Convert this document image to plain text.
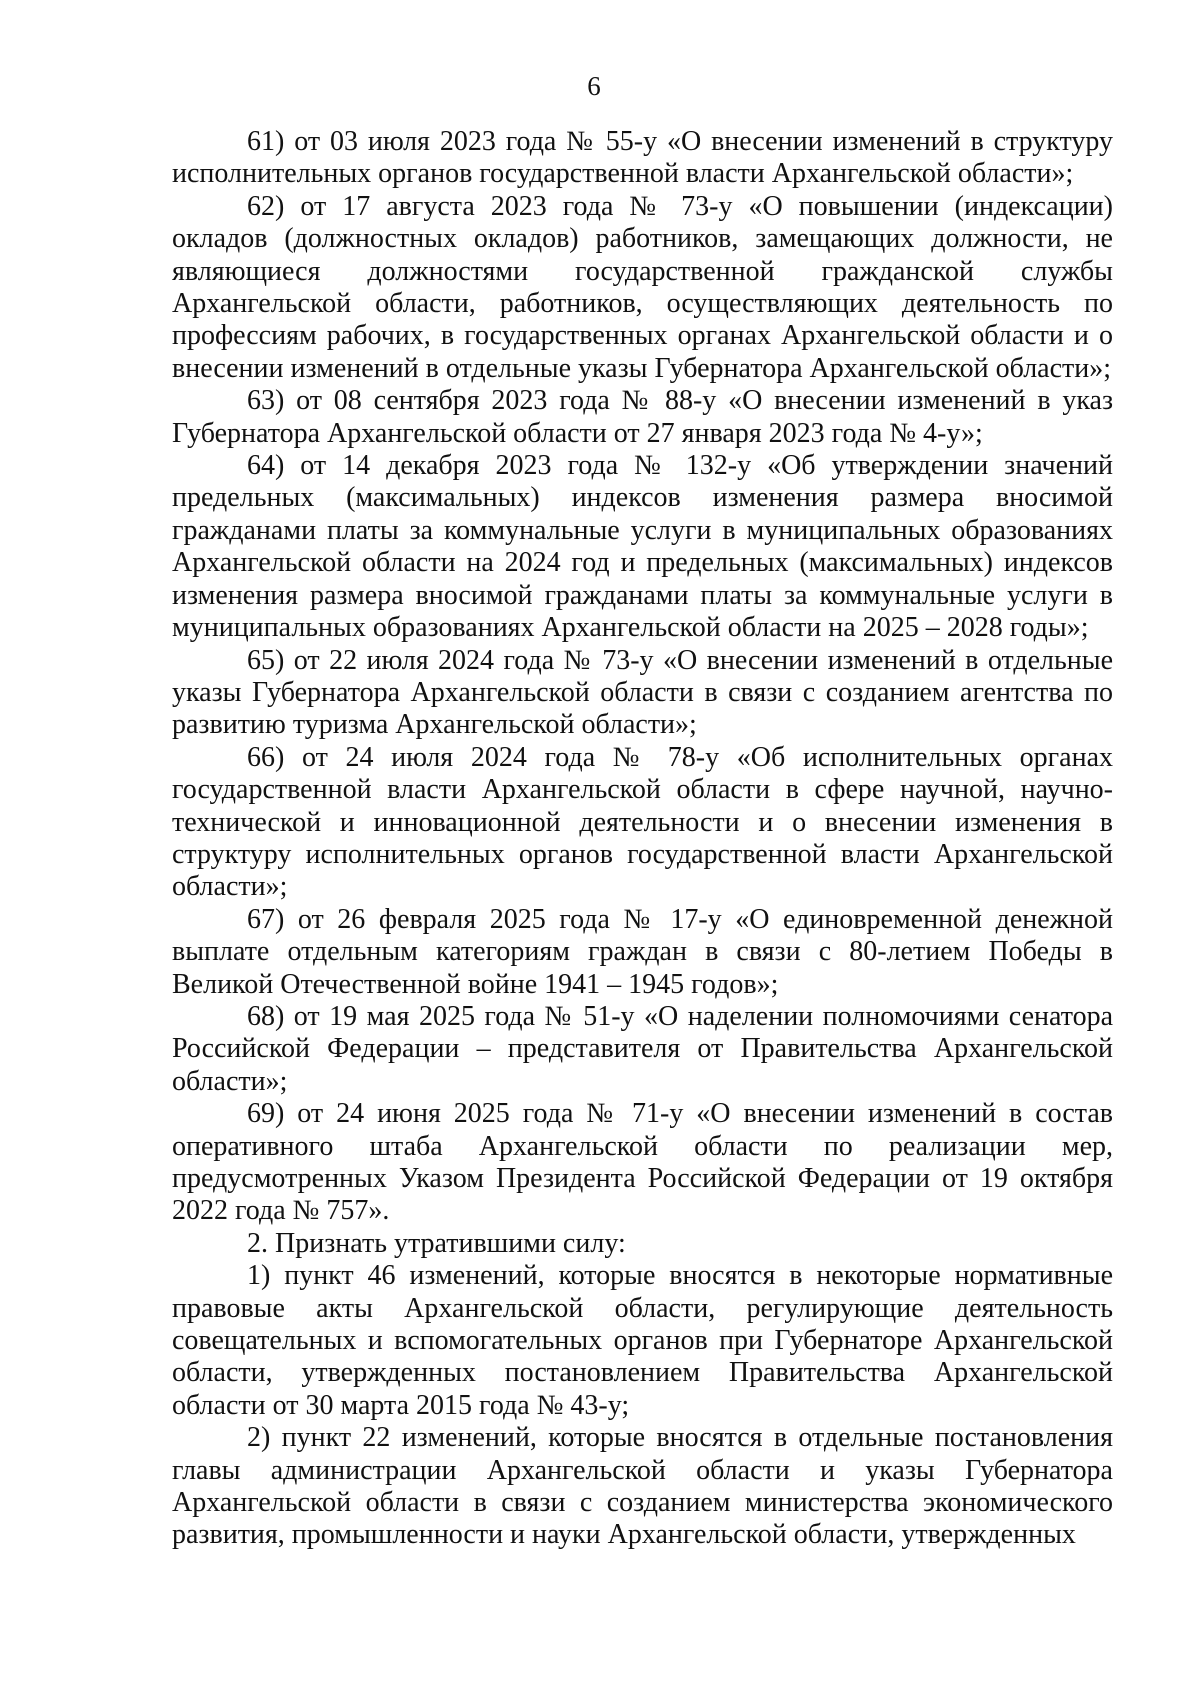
6

61) от 03 июля 2023 года № 55-у «О внесении изменений в структуру исполнительных органов государственной власти Архангельской области»;

62) от 17 августа 2023 года № 73-у «О повышении (индексации) окладов (должностных окладов) работников, замещающих должности, не являющиеся должностями государственной гражданской службы Архангельской области, работников, осуществляющих деятельность по профессиям рабочих, в государственных органах Архангельской области и о внесении изменений в отдельные указы Губернатора Архангельской области»;

63) от 08 сентября 2023 года № 88-у «О внесении изменений в указ Губернатора Архангельской области от 27 января 2023 года № 4-у»;

64) от 14 декабря 2023 года № 132-у «Об утверждении значений предельных (максимальных) индексов изменения размера вносимой гражданами платы за коммунальные услуги в муниципальных образованиях Архангельской области на 2024 год и предельных (максимальных) индексов изменения размера вносимой гражданами платы за коммунальные услуги в муниципальных образованиях Архангельской области на 2025 – 2028 годы»;

65) от 22 июля 2024 года № 73-у «О внесении изменений в отдельные указы Губернатора Архангельской области в связи с созданием агентства по развитию туризма Архангельской области»;

66) от 24 июля 2024 года № 78-у «Об исполнительных органах государственной власти Архангельской области в сфере научной, научно-технической и инновационной деятельности и о внесении изменения в структуру исполнительных органов государственной власти Архангельской области»;

67) от 26 февраля 2025 года № 17-у «О единовременной денежной выплате отдельным категориям граждан в связи с 80-летием Победы в Великой Отечественной войне 1941 – 1945 годов»;

68) от 19 мая 2025 года № 51-у «О наделении полномочиями сенатора Российской Федерации – представителя от Правительства Архангельской области»;

69) от 24 июня 2025 года № 71-у «О внесении изменений в состав оперативного штаба Архангельской области по реализации мер, предусмотренных Указом Президента Российской Федерации от 19 октября 2022 года № 757».

2. Признать утратившими силу:

1) пункт 46 изменений, которые вносятся в некоторые нормативные правовые акты Архангельской области, регулирующие деятельность совещательных и вспомогательных органов при Губернаторе Архангельской области, утвержденных постановлением Правительства Архангельской области от 30 марта 2015 года № 43-у;

2) пункт 22 изменений, которые вносятся в отдельные постановления главы администрации Архангельской области и указы Губернатора Архангельской области в связи с созданием министерства экономического развития, промышленности и науки Архангельской области, утвержденных
